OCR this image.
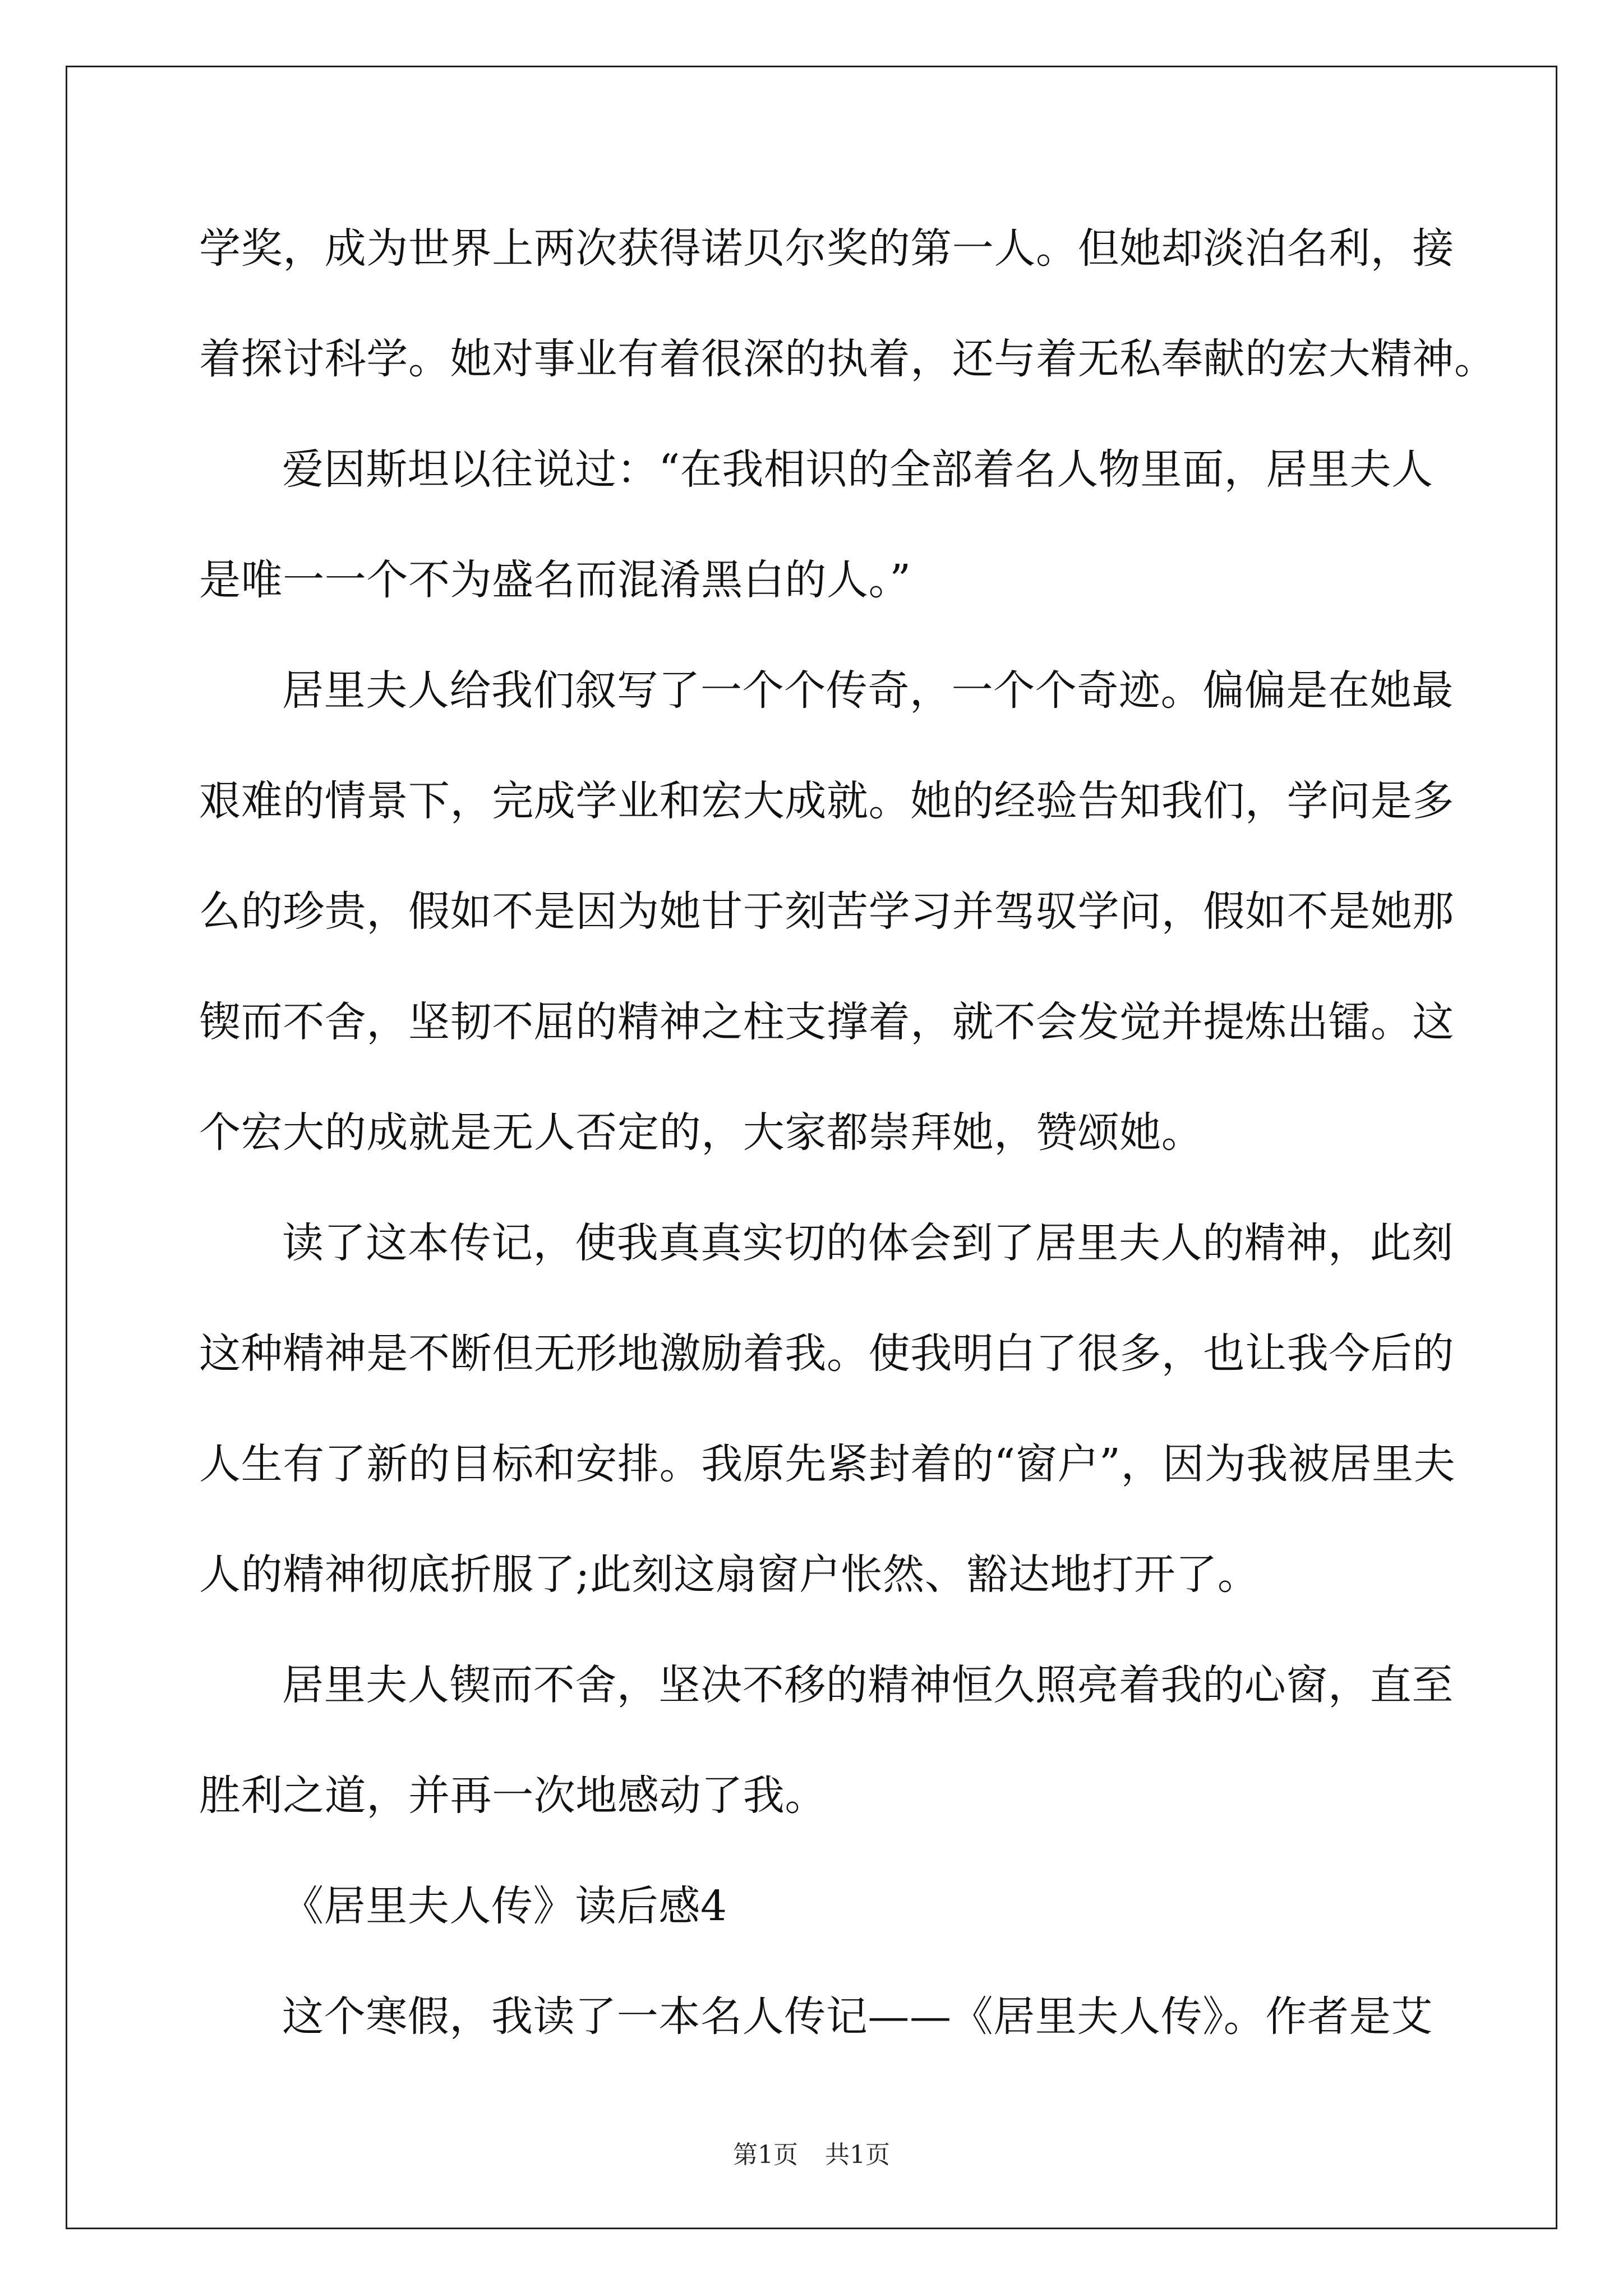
学奖，成为世界上两次获得诺贝尔奖的第一人。但她却淡泊名利，接
着探讨科学。她对事业有着很深的执着，还与着无私奉献的宏大精神。
爱因斯坦以往说过：“在我相识的全部着名人物里面，居里夫人
是唯一一个不为盛名而混淆黑白的人。”
居里夫人给我们叙写了一个个传奇，一个个奇迹。偏偏是在她最
艰难的情景下，完成学业和宏大成就。她的经验告知我们，学问是多
么的珍贵，假如不是因为她甘于刻苦学习并驾驭学问，假如不是她那
锲而不舍，坚韧不屈的精神之柱支撑着，就不会发觉并提炼出镭。这
个宏大的成就是无人否定的，大家都崇拜她，赞颂她。
读了这本传记，使我真真实切的体会到了居里夫人的精神，此刻
这种精神是不断但无形地激励着我。使我明白了很多，也让我今后的
人生有了新的目标和安排。我原先紧封着的“窗户”，因为我被居里夫
人的精神彻底折服了;此刻这扇窗户怅然、豁达地打开了。
居里夫人锲而不舍，坚决不移的精神恒久照亮着我的心窗，直至
胜利之道，并再一次地感动了我。
《居里夫人传》读后感4
这个寒假，我读了一本名人传记——《居里夫人传》。作者是艾
第1页 共1页
